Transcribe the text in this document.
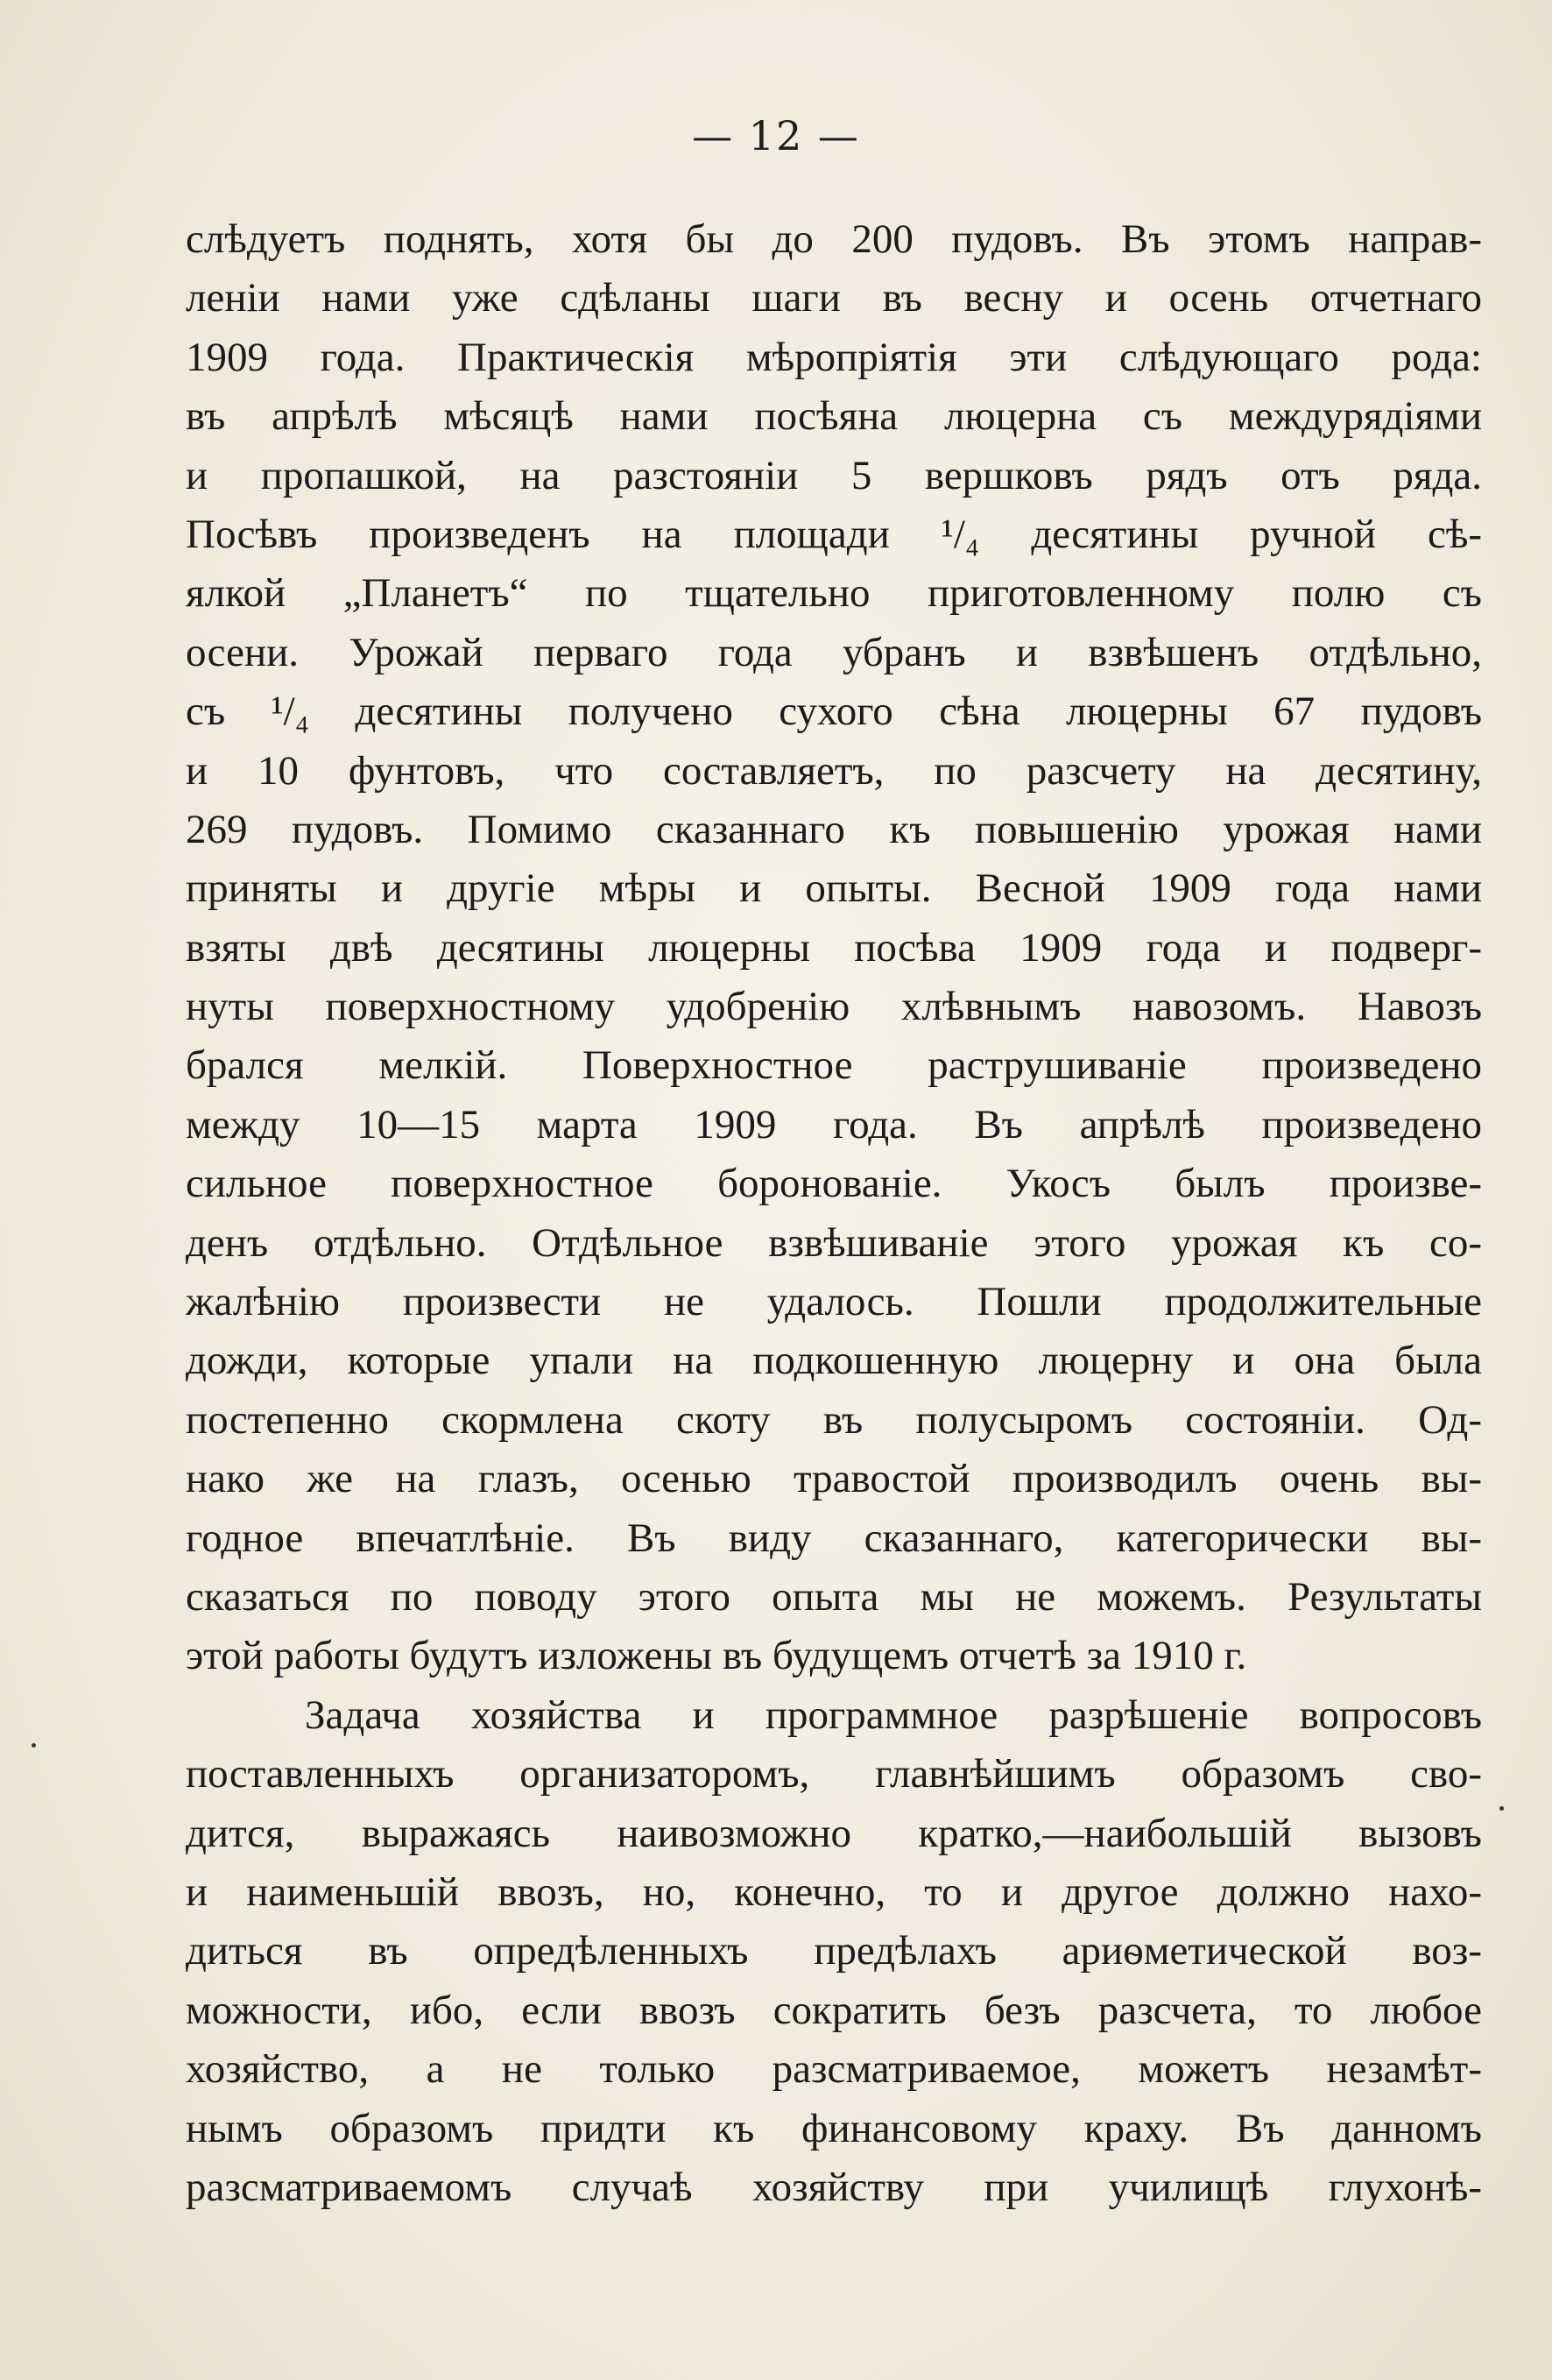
— 12 —
слѣдуетъ поднять, хотя бы до 200 пудовъ. Въ этомъ направ-
леніи нами уже сдѣланы шаги въ весну и осень отчетнаго
1909 года. Практическія мѣропріятія эти слѣдующаго рода:
въ апрѣлѣ мѣсяцѣ нами посѣяна люцерна съ междурядіями
и пропашкой, на разстояніи 5 вершковъ рядъ отъ ряда.
Посѣвъ произведенъ на площади ¹/₄ десятины ручной сѣ-
ялкой „Планетъ“ по тщательно приготовленному полю съ
осени. Урожай перваго года убранъ и взвѣшенъ отдѣльно,
съ ¹/₄ десятины получено сухого сѣна люцерны 67 пудовъ
и 10 фунтовъ, что составляетъ, по разсчету на десятину,
269 пудовъ. Помимо сказаннаго къ повышенію урожая нами
приняты и другіе мѣры и опыты. Весной 1909 года нами
взяты двѣ десятины люцерны посѣва 1909 года и подверг-
нуты поверхностному удобренію хлѣвнымъ навозомъ. Навозъ
брался мелкій. Поверхностное раструшиваніе произведено
между 10—15 марта 1909 года. Въ апрѣлѣ произведено
сильное поверхностное боронованіе. Укосъ былъ произве-
денъ отдѣльно. Отдѣльное взвѣшиваніе этого урожая къ со-
жалѣнію произвести не удалось. Пошли продолжительные
дожди, которые упали на подкошенную люцерну и она была
постепенно скормлена скоту въ полусыромъ состояніи. Од-
нако же на глазъ, осенью травостой производилъ очень вы-
годное впечатлѣніе. Въ виду сказаннаго, категорически вы-
сказаться по поводу этого опыта мы не можемъ. Результаты
этой работы будутъ изложены въ будущемъ отчетѣ за 1910 г.
Задача хозяйства и программное разрѣшеніе вопросовъ
поставленныхъ организаторомъ, главнѣйшимъ образомъ сво-
дится, выражаясь наивозможно кратко,—наибольшій вызовъ
и наименьшій ввозъ, но, конечно, то и другое должно нахо-
диться въ опредѣленныхъ предѣлахъ ариѳметической воз-
можности, ибо, если ввозъ сократить безъ разсчета, то любое
хозяйство, а не только разсматриваемое, можетъ незамѣт-
нымъ образомъ придти къ финансовому краху. Въ данномъ
разсматриваемомъ случаѣ хозяйству при училищѣ глухонѣ-
